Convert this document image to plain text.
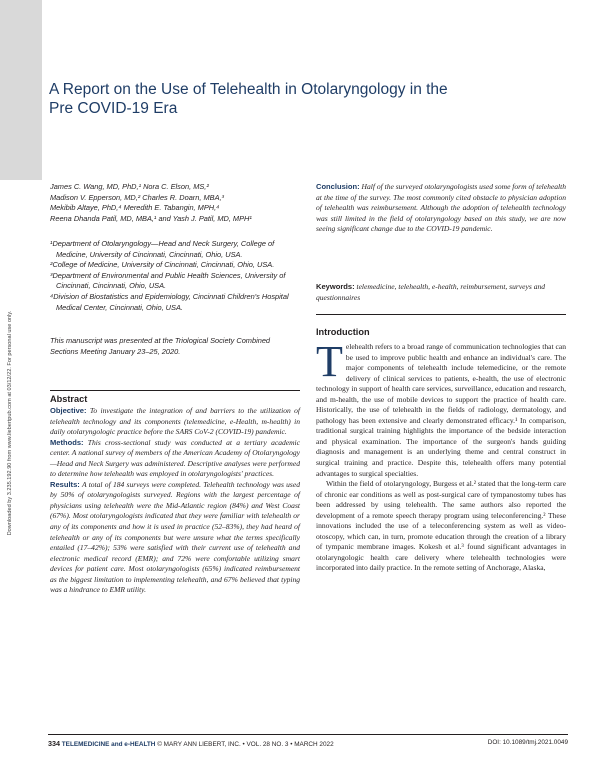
Downloaded by 3.235.192.90 from www.liebertpub.com at 03/12/22. For personal use only.
A Report on the Use of Telehealth in Otolaryngology in the Pre COVID-19 Era
James C. Wang, MD, PhD,¹ Nora C. Elson, MS,²
Madison V. Epperson, MD,² Charles R. Doarn, MBA,³
Mekibib Altaye, PhD,⁴ Meredith E. Tabangin, MPH,⁴
Reena Dhanda Patil, MD, MBA,¹ and Yash J. Patil, MD, MPH¹

¹Department of Otolaryngology—Head and Neck Surgery, College of Medicine, University of Cincinnati, Cincinnati, Ohio, USA.

²College of Medicine, University of Cincinnati, Cincinnati, Ohio, USA.

³Department of Environmental and Public Health Sciences, University of Cincinnati, Cincinnati, Ohio, USA.

⁴Division of Biostatistics and Epidemiology, Cincinnati Children's Hospital Medical Center, Cincinnati, Ohio, USA.

This manuscript was presented at the Triological Society Combined Sections Meeting January 23–25, 2020.
Abstract

Objective: To investigate the integration of and barriers to the utilization of telehealth technology and its components (telemedicine, e-Health, m-health) in daily otolaryngologic practice before the SARS CoV-2 (COVID-19) pandemic.

Methods: This cross-sectional study was conducted at a tertiary academic center. A national survey of members of the American Academy of Otolaryngology—Head and Neck Surgery was administered. Descriptive analyses were performed to determine how telehealth was employed in otolaryngologists' practices.

Results: A total of 184 surveys were completed. Telehealth technology was used by 50% of otolaryngologists surveyed. Regions with the largest percentage of physicians using telehealth were the Mid-Atlantic region (84%) and West Coast (67%). Most otolaryngologists indicated that they were familiar with telehealth or any of its components and how it is used in practice (52–83%), they had heard of telehealth or any of its components but were unsure what the terms specifically entailed (17–42%); 53% were satisfied with their current use of telehealth and electronic medical record (EMR); and 72% were comfortable utilizing smart devices for patient care. Most otolaryngologists (65%) indicated reimbursement as the biggest limitation to implementing telehealth, and 67% believed that typing was a hindrance to EMR utility.

Conclusion: Half of the surveyed otolaryngologists used some form of telehealth at the time of the survey. The most commonly cited obstacle to physician adoption of telehealth was reimbursement. Although the adoption of telehealth technology was still limited in the field of otolaryngology based on this study, we are now seeing significant change due to the COVID-19 pandemic.
Keywords: telemedicine, telehealth, e-health, reimbursement, surveys and questionnaires
Introduction

Telehealth refers to a broad range of communication technologies that can be used to improve public health and enhance an individual's care. The major components of telehealth include telemedicine, or the remote delivery of clinical services to patients, e-health, the use of electronic technology in support of health care services, surveillance, education and research, and m-health, the use of mobile devices to support the practice of health care. Historically, the use of telehealth in the fields of radiology, dermatology, and pathology has been extensive and clearly demonstrated efficacy.¹ In comparison, traditional surgical training highlights the importance of the bedside interaction and physical examination. The importance of the surgeon's hands guiding diagnosis and management is an underlying theme and central construct in surgical training and practice. Despite this, telehealth offers many potential advantages to surgical specialties.

Within the field of otolaryngology, Burgess et al.² stated that the long-term care of chronic ear conditions as well as post-surgical care of tympanostomy tubes has been addressed by using telehealth. The same authors also reported the development of a remote speech therapy program using teleconferencing.² These innovations included the use of a teleconferencing system as well as video-otoscopy, which can, in turn, promote education through the creation of a library of tympanic membrane images. Kokesh et al.³ found significant advantages in otolaryngologic health care delivery where telehealth technologies were incorporated into daily practice. In the remote setting of Anchorage, Alaska,

334 TELEMEDICINE and e-HEALTH © MARY ANN LIEBERT, INC. • VOL. 28 NO. 3 • MARCH 2022	DOI: 10.1089/tmj.2021.0049
